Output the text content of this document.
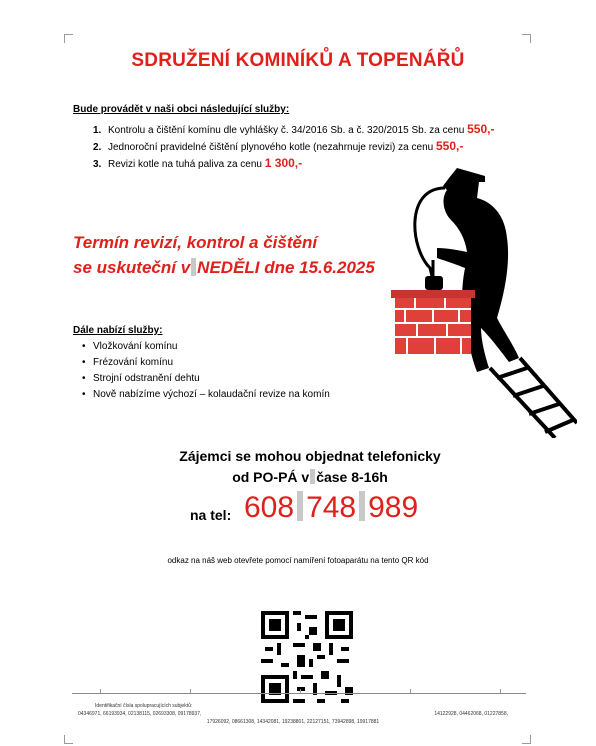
SDRUŽENÍ KOMINÍKŮ A TOPENÁŘŮ
Bude provádět v naši obci následující služby:
1. Kontrolu a čištění komínu dle vyhlášky č. 34/2016 Sb. a č. 320/2015 Sb. za cenu 550,-
2. Jednoroční pravidelné čištění plynového kotle (nezahrnuje revizi) za cenu 550,-
3. Revizi kotle na tuhá paliva za cenu 1 300,-
Termín revizí, kontrol a čištění
se uskuteční v NEDĚLI dne 15.6.2025
Dále nabízí služby:
• Vložkování komínu
• Frézování komínu
• Strojní odstranění dehtu
• Nově nabízíme výchozí – kolaudační revize na komín
Zájemci se mohou objednat telefonicky
od PO-PÁ v čase 8-16h
na tel: 608 748 989
odkaz na náš web otevřete pomocí namíření fotoaparátu na tento QR kód
Identifikační čísla spolupracujících subjektů:
04346971, 66193934, 02138115, 02693308, 09178937,	14122928, 04462068, 01227858,
17926092, 08661308, 14342081, 19238801, 22127151, 73942898, 19917881
